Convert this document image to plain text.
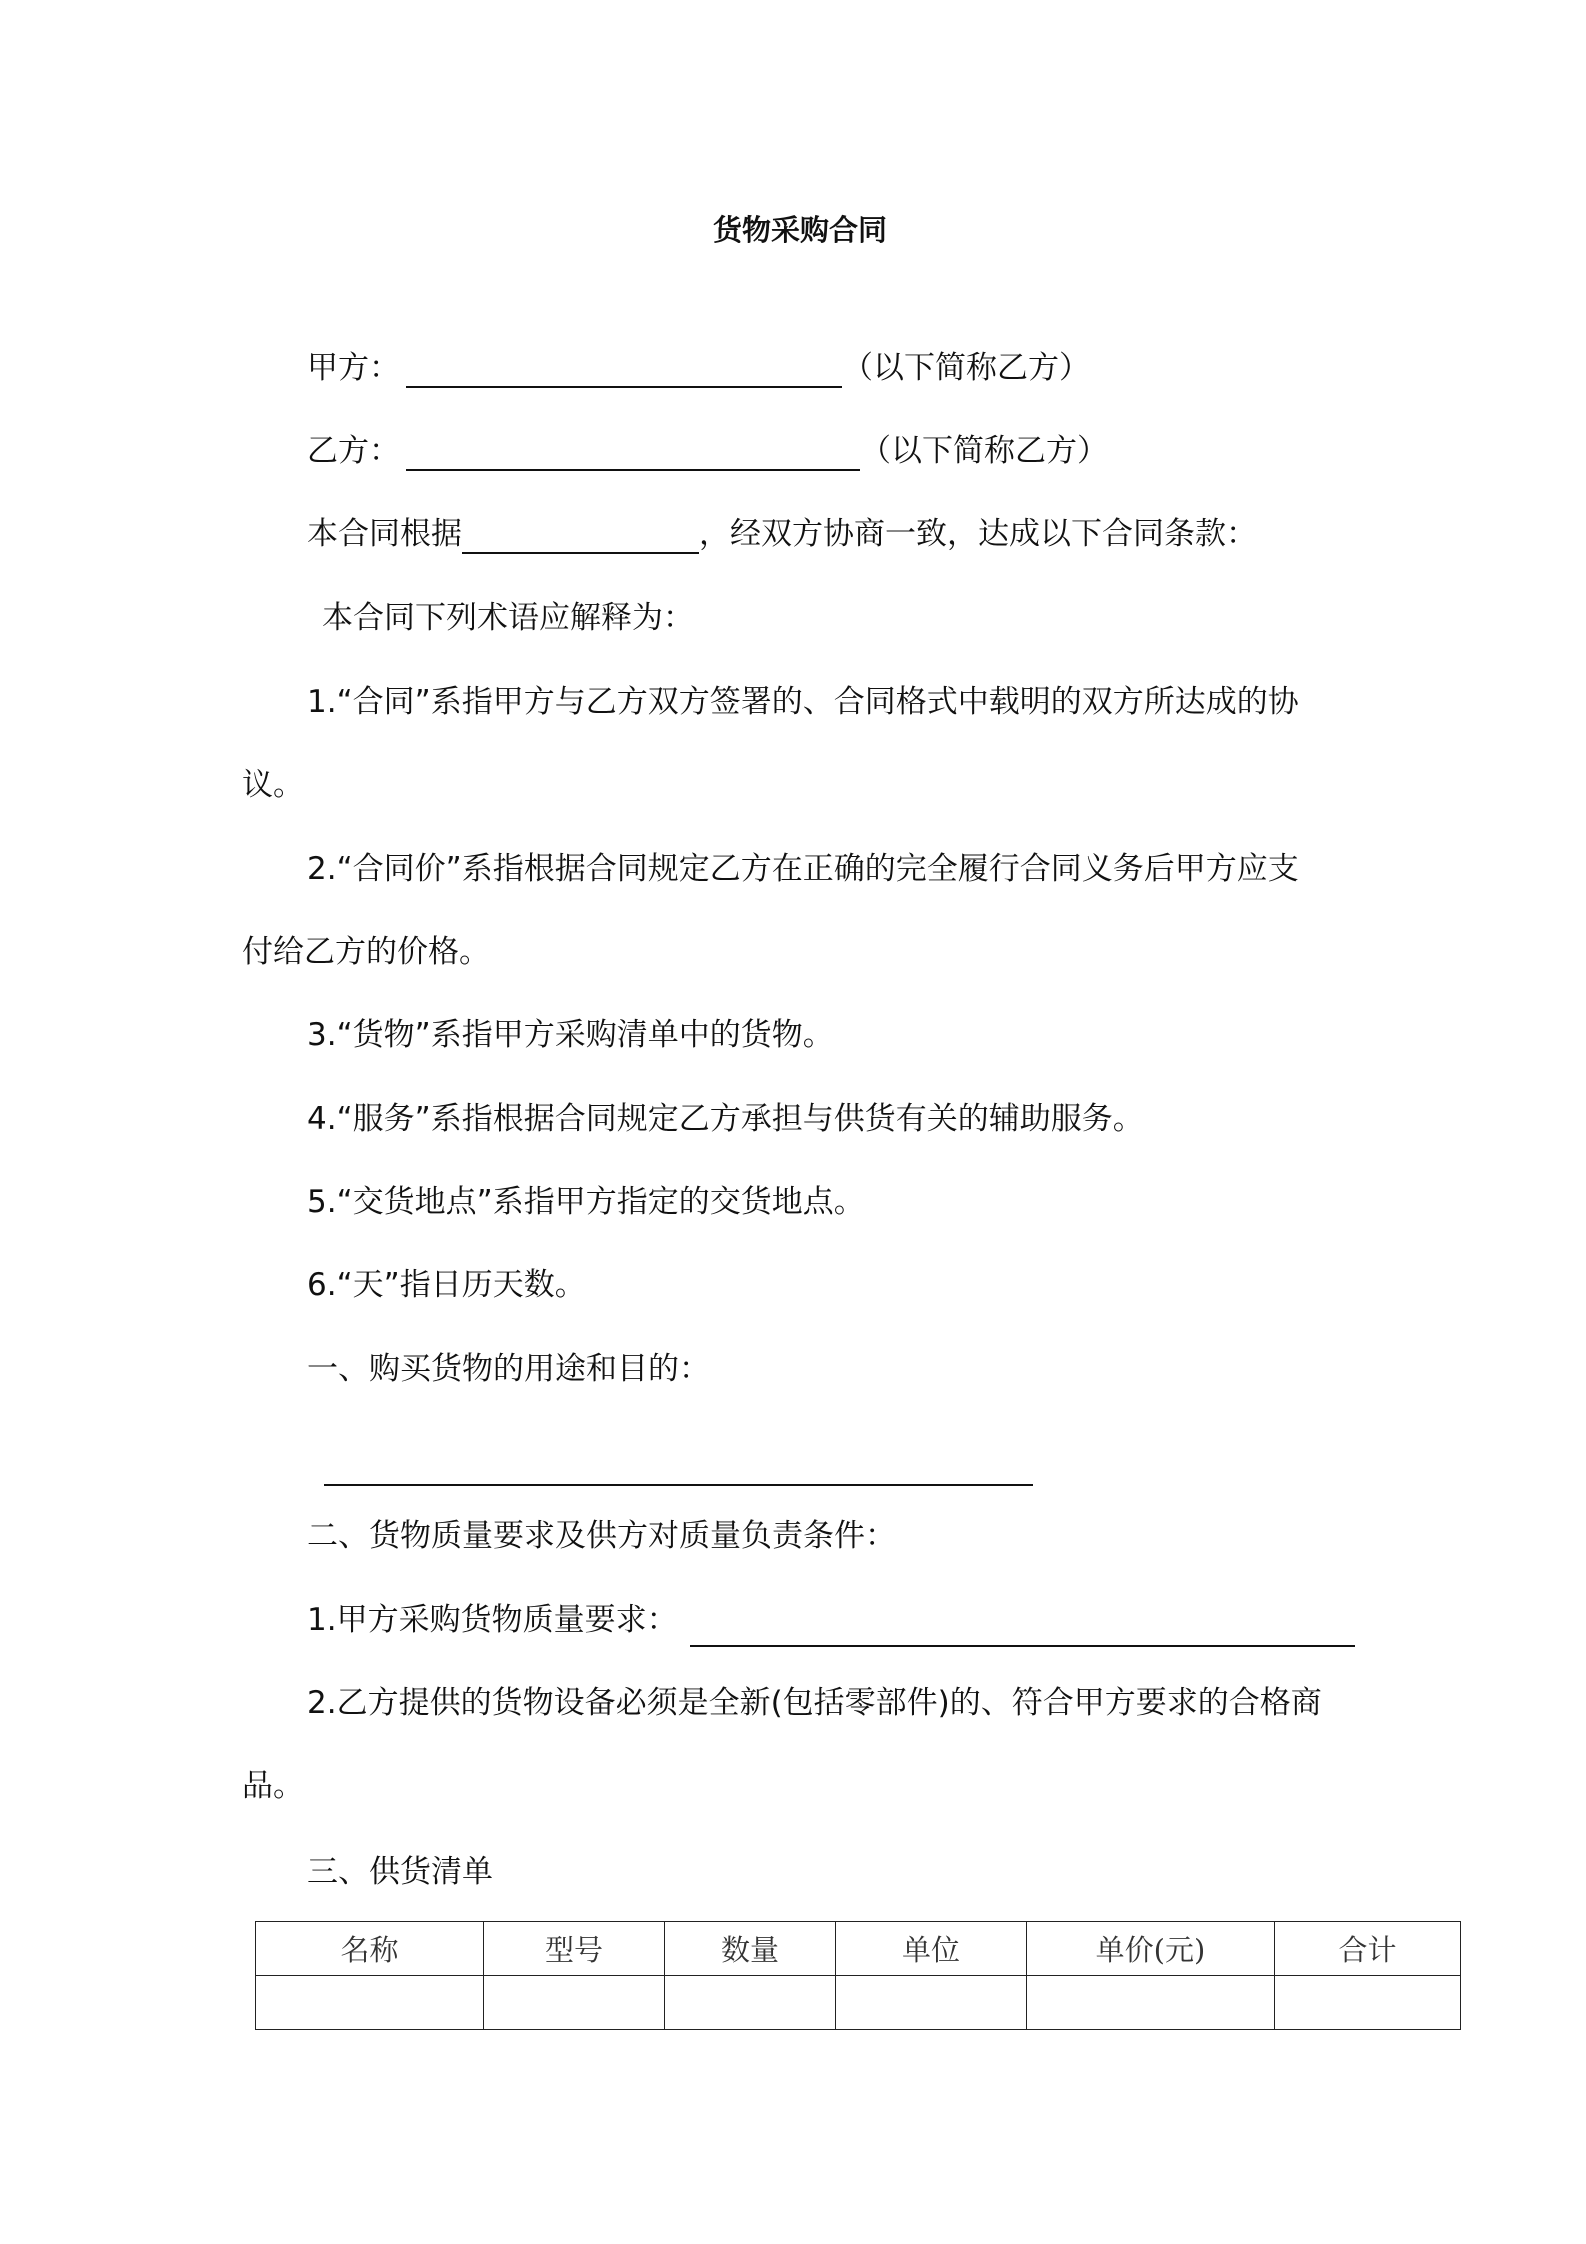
货物采购合同
甲方：	（以下简称乙方）
乙方：	（以下简称乙方）
本合同根据	，经双方协商一致，达成以下合同条款：
本合同下列术语应解释为：
1.“合同”系指甲方与乙方双方签署的、合同格式中载明的双方所达成的协
议。
2.“合同价”系指根据合同规定乙方在正确的完全履行合同义务后甲方应支
付给乙方的价格。
3.“货物”系指甲方采购清单中的货物。
4.“服务”系指根据合同规定乙方承担与供货有关的辅助服务。
5.“交货地点”系指甲方指定的交货地点。
6.“天”指日历天数。
一、购买货物的用途和目的：
二、货物质量要求及供方对质量负责条件：
1.甲方采购货物质量要求：
2.乙方提供的货物设备必须是全新(包括零部件)的、符合甲方要求的合格商
品。
三、供货清单
名称	型号	数量	单位	单价(元)	合计
